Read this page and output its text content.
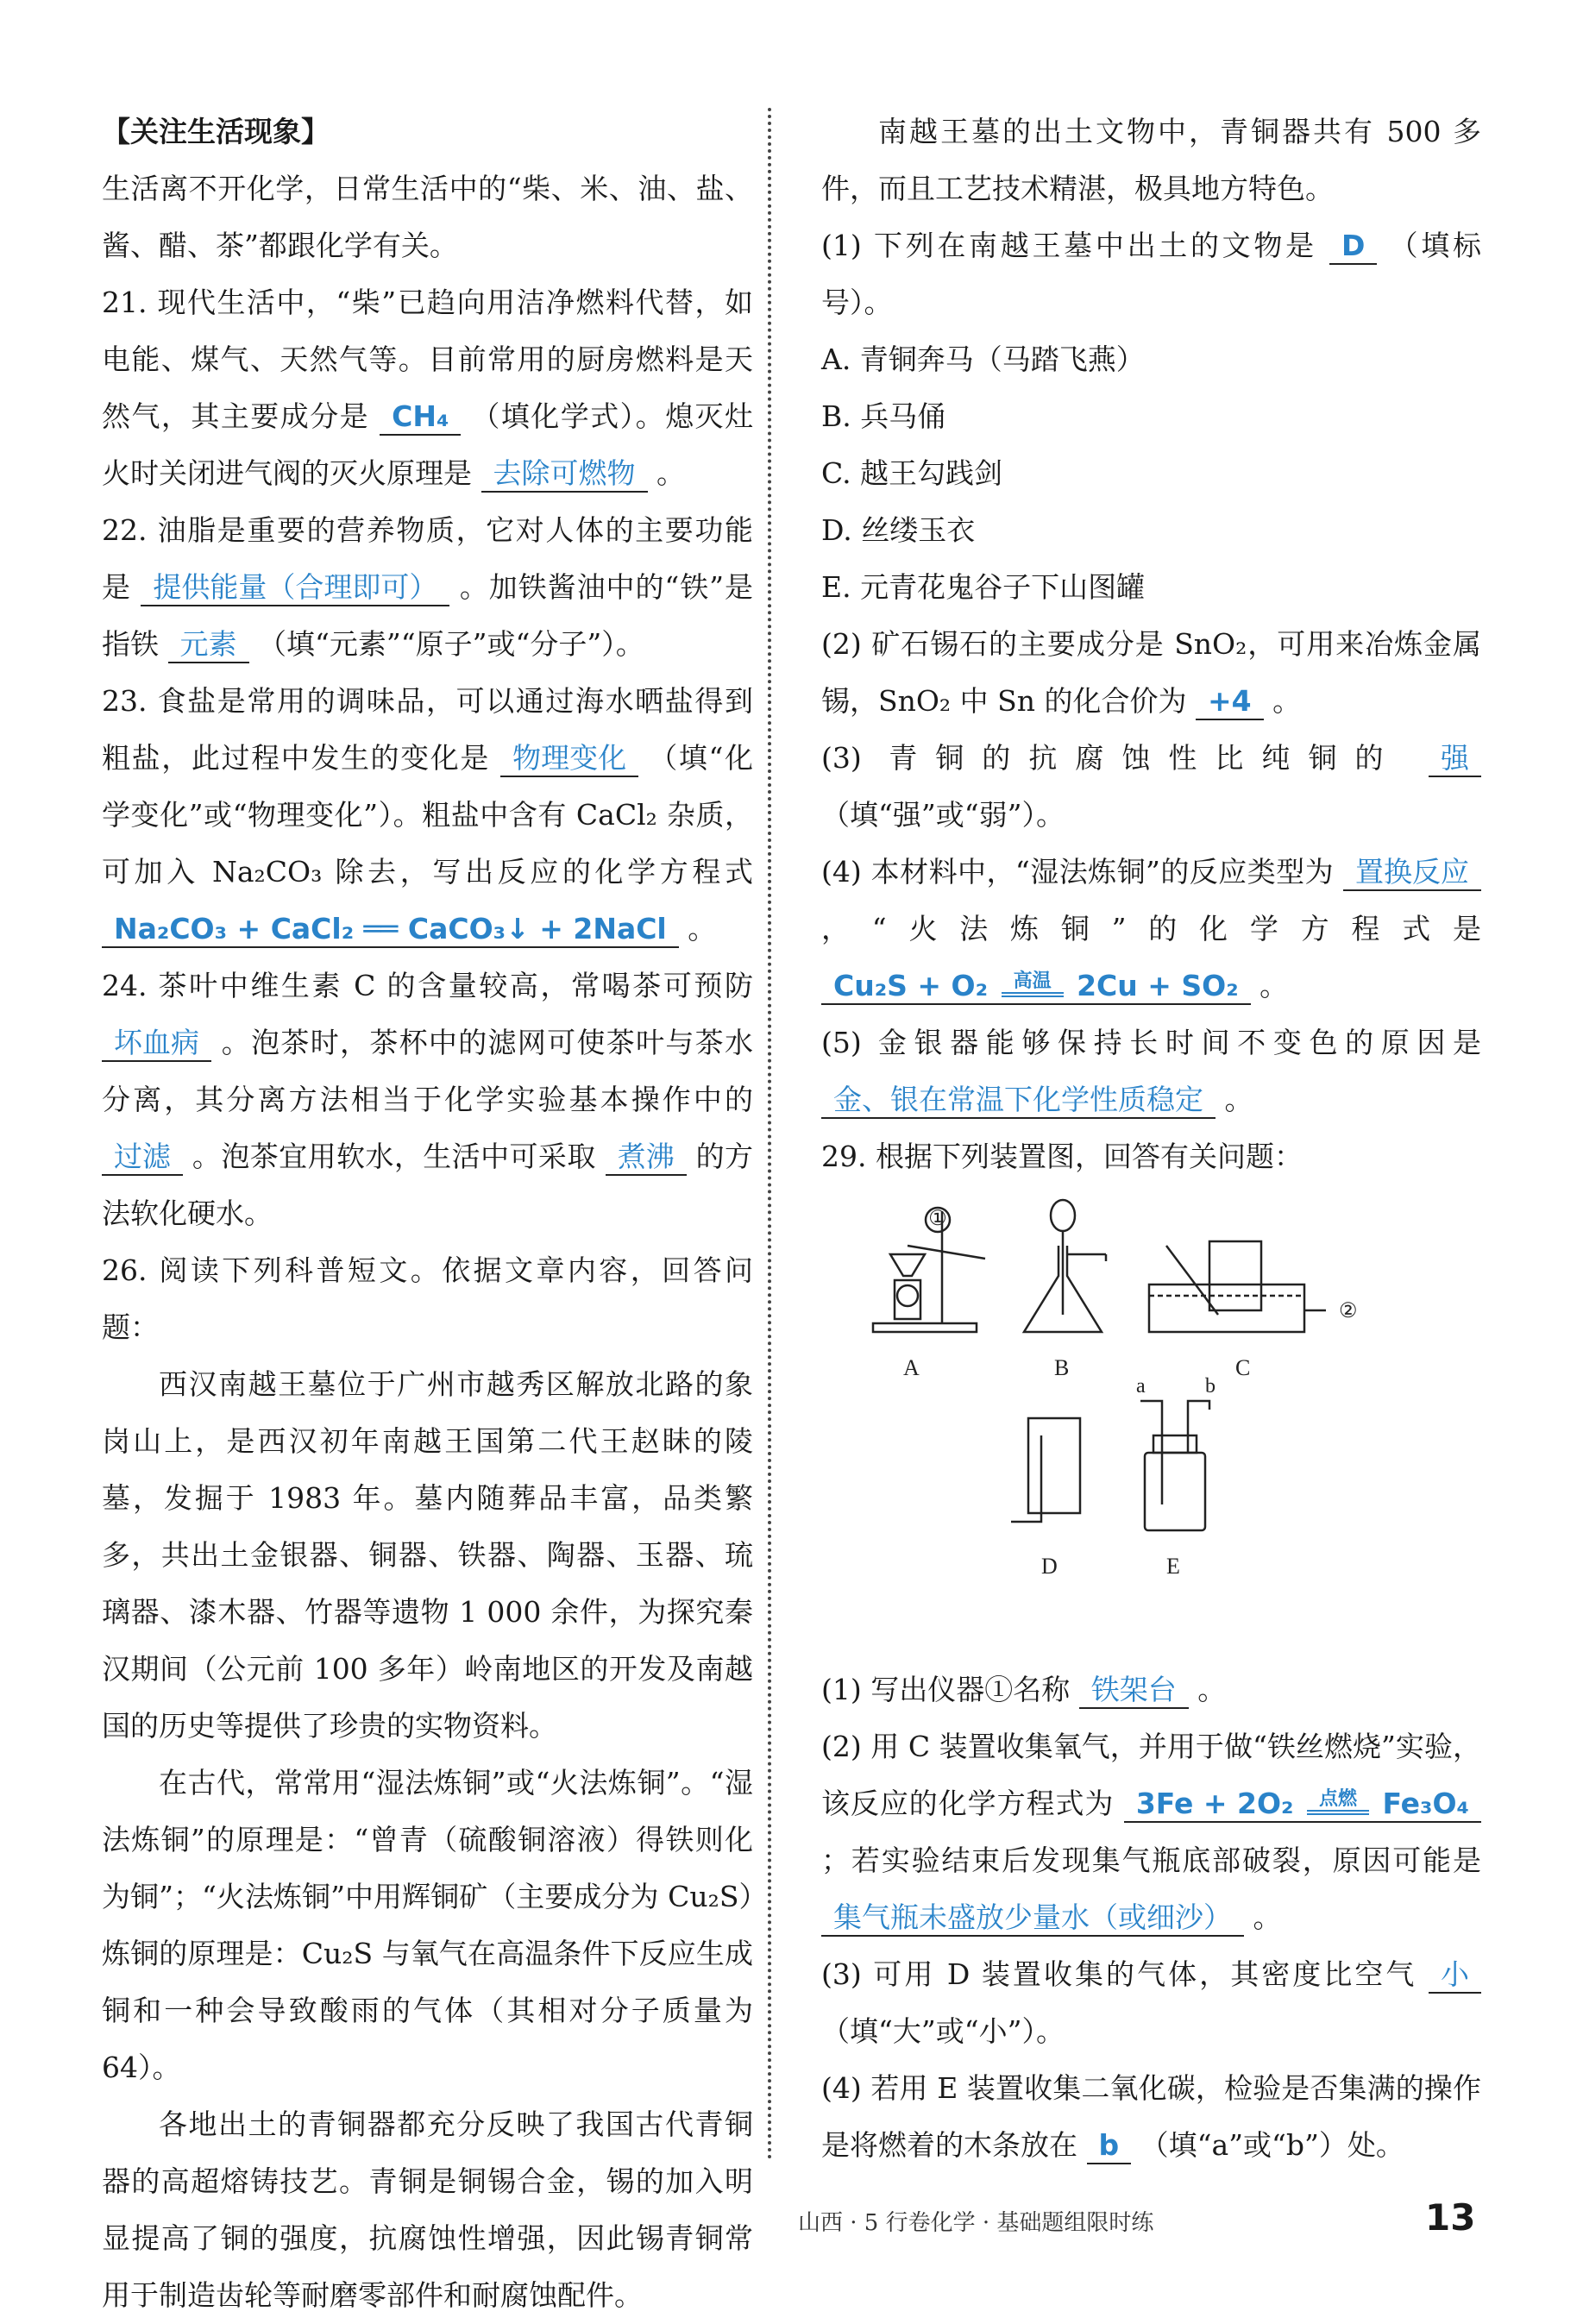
【关注生活现象】

生活离不开化学，日常生活中的“柴、米、油、盐、酱、醋、茶”都跟化学有关。

21. 现代生活中，“柴”已趋向用洁净燃料代替，如电能、煤气、天然气等。目前常用的厨房燃料是天然气，其主要成分是 CH₄ （填化学式）。熄灭灶火时关闭进气阀的灭火原理是 去除可燃物 。

22. 油脂是重要的营养物质，它对人体的主要功能是 提供能量（合理即可） 。加铁酱油中的“铁”是指铁 元素 （填“元素”“原子”或“分子”）。

23. 食盐是常用的调味品，可以通过海水晒盐得到粗盐，此过程中发生的变化是 物理变化 （填“化学变化”或“物理变化”）。粗盐中含有 CaCl₂ 杂质，可加入 Na₂CO₃ 除去，写出反应的化学方程式 Na₂CO₃ + CaCl₂ ══ CaCO₃↓ + 2NaCl 。

24. 茶叶中维生素 C 的含量较高，常喝茶可预防 坏血病 。泡茶时，茶杯中的滤网可使茶叶与茶水分离，其分离方法相当于化学实验基本操作中的 过滤 。泡茶宜用软水，生活中可采取 煮沸 的方法软化硬水。

26. 阅读下列科普短文。依据文章内容，回答问题：

西汉南越王墓位于广州市越秀区解放北路的象岗山上，是西汉初年南越王国第二代王赵眛的陵墓，发掘于 1983 年。墓内随葬品丰富，品类繁多，共出土金银器、铜器、铁器、陶器、玉器、琉璃器、漆木器、竹器等遗物 1 000 余件，为探究秦汉期间（公元前 100 多年）岭南地区的开发及南越国的历史等提供了珍贵的实物资料。

在古代，常常用“湿法炼铜”或“火法炼铜”。“湿法炼铜”的原理是：“曾青（硫酸铜溶液）得铁则化为铜”；“火法炼铜”中用辉铜矿（主要成分为 Cu₂S）炼铜的原理是：Cu₂S 与氧气在高温条件下反应生成铜和一种会导致酸雨的气体（其相对分子质量为 64）。

各地出土的青铜器都充分反映了我国古代青铜器的高超熔铸技艺。青铜是铜锡合金，锡的加入明显提高了铜的强度，抗腐蚀性增强，因此锡青铜常用于制造齿轮等耐磨零部件和耐腐蚀配件。

南越王墓的出土文物中，青铜器共有 500 多件，而且工艺技术精湛，极具地方特色。

(1) 下列在南越王墓中出土的文物是 D （填标号）。

A. 青铜奔马（马踏飞燕）

B. 兵马俑

C. 越王勾践剑

D. 丝缕玉衣

E. 元青花鬼谷子下山图罐

(2) 矿石锡石的主要成分是 SnO₂，可用来冶炼金属锡，SnO₂ 中 Sn 的化合价为 +4 。

(3) 青铜的抗腐蚀性比纯铜的 强 （填“强”或“弱”）。

(4) 本材料中，“湿法炼铜”的反应类型为 置换反应 ，“火法炼铜”的化学方程式是 Cu₂S + O₂ 高温 2Cu + SO₂ 。

(5) 金银器能够保持长时间不变色的原因是 金、银在常温下化学性质稳定 。

29. 根据下列装置图，回答有关问题：

①
A	B
②
C
D
a	b
E

(1) 写出仪器①名称 铁架台 。

(2) 用 C 装置收集氧气，并用于做“铁丝燃烧”实验，该反应的化学方程式为 3Fe + 2O₂ 点燃 Fe₃O₄ ；若实验结束后发现集气瓶底部破裂，原因可能是 集气瓶未盛放少量水（或细沙） 。

(3) 可用 D 装置收集的气体，其密度比空气 小 （填“大”或“小”）。

(4) 若用 E 装置收集二氧化碳，检验是否集满的操作是将燃着的木条放在 b （填“a”或“b”）处。

山西 · 5 行卷化学 · 基础题组限时练	13
